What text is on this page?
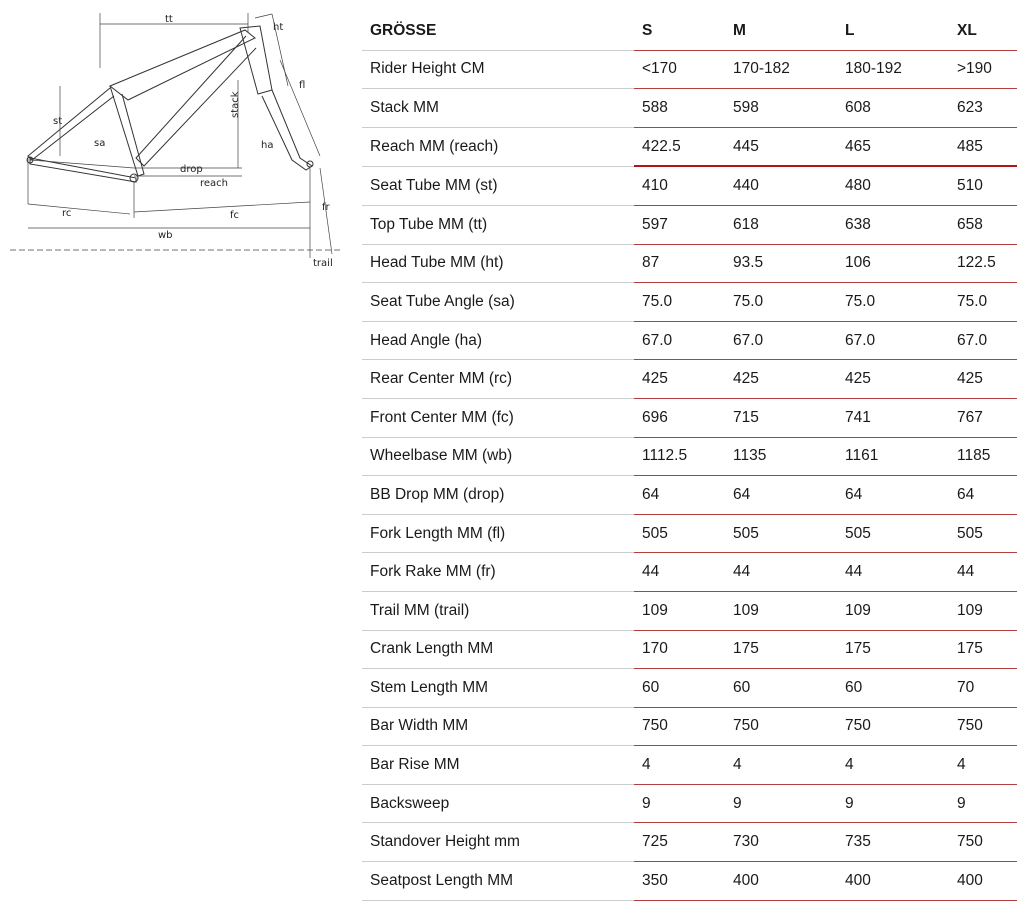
tt
ht
st
stack
fl
sa	ha
drop
reach
rc	fc
fr
wb
trail
GRÖSSE	S	M	L	XL
Rider Height CM	<170	170-182	180-192	>190
Stack MM	588	598	608	623
Reach MM (reach)	422.5	445	465	485
Seat Tube MM (st)	410	440	480	510
Top Tube MM (tt)	597	618	638	658
Head Tube MM (ht)	87	93.5	106	122.5
Seat Tube Angle (sa)	75.0	75.0	75.0	75.0
Head Angle (ha)	67.0	67.0	67.0	67.0
Rear Center MM (rc)	425	425	425	425
Front Center MM (fc)	696	715	741	767
Wheelbase MM (wb)	1112.5	1135	1161	1185
BB Drop MM (drop)	64	64	64	64
Fork Length MM (fl)	505	505	505	505
Fork Rake MM (fr)	44	44	44	44
Trail MM (trail)	109	109	109	109
Crank Length MM	170	175	175	175
Stem Length MM	60	60	60	70
Bar Width MM	750	750	750	750
Bar Rise MM	4	4	4	4
Backsweep	9	9	9	9
Standover Height mm	725	730	735	750
Seatpost Length MM	350	400	400	400
